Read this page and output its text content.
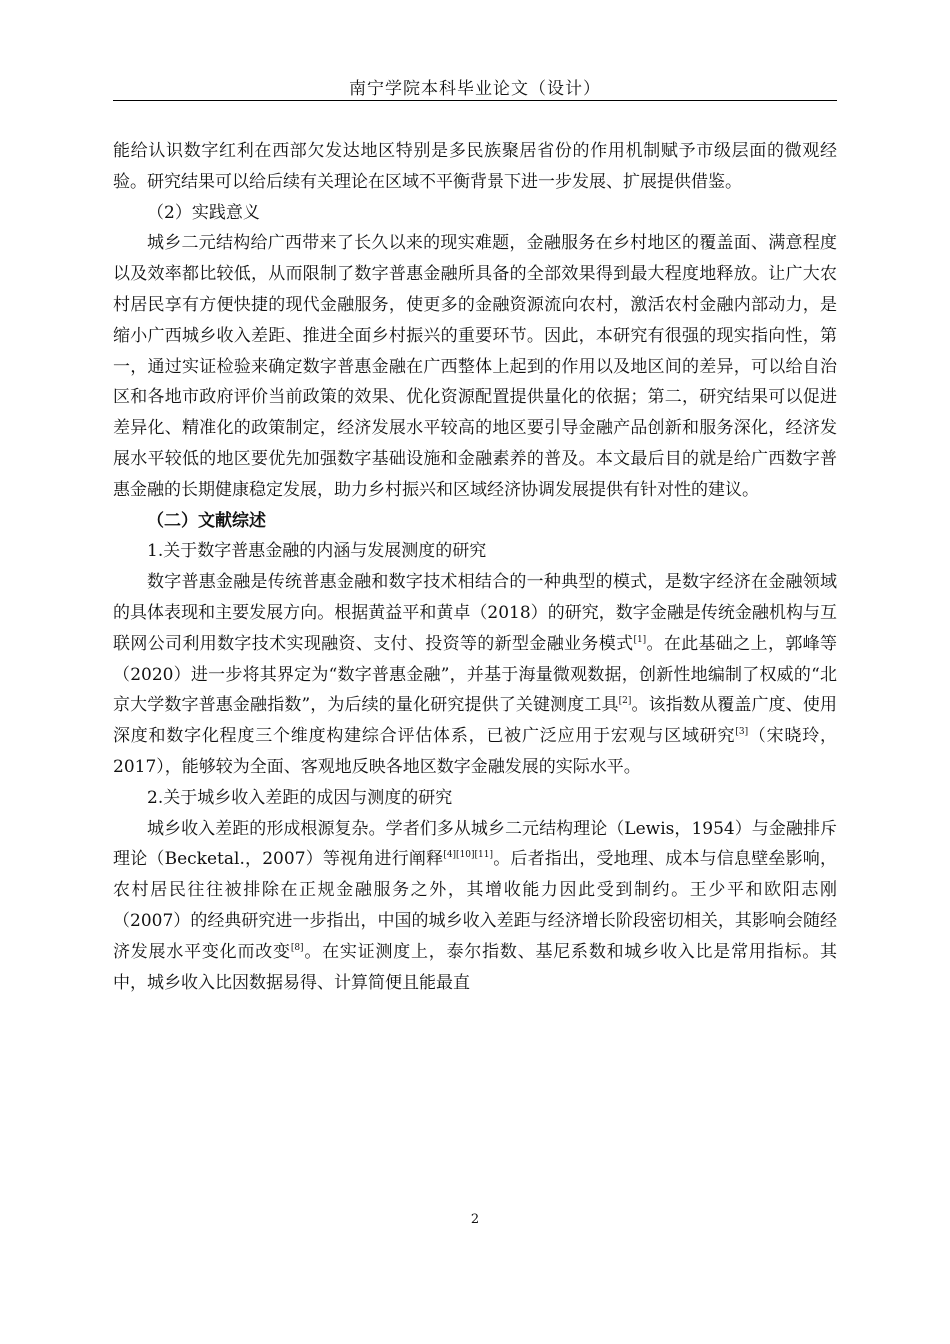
南宁学院本科毕业论文（设计）

能给认识数字红利在西部欠发达地区特别是多民族聚居省份的作用机制赋予市级层面的微观经验。研究结果可以给后续有关理论在区域不平衡背景下进一步发展、扩展提供借鉴。

（2）实践意义

城乡二元结构给广西带来了长久以来的现实难题，金融服务在乡村地区的覆盖面、满意程度以及效率都比较低，从而限制了数字普惠金融所具备的全部效果得到最大程度地释放。让广大农村居民享有方便快捷的现代金融服务，使更多的金融资源流向农村，激活农村金融内部动力，是缩小广西城乡收入差距、推进全面乡村振兴的重要环节。因此，本研究有很强的现实指向性，第一，通过实证检验来确定数字普惠金融在广西整体上起到的作用以及地区间的差异，可以给自治区和各地市政府评价当前政策的效果、优化资源配置提供量化的依据；第二，研究结果可以促进差异化、精准化的政策制定，经济发展水平较高的地区要引导金融产品创新和服务深化，经济发展水平较低的地区要优先加强数字基础设施和金融素养的普及。本文最后目的就是给广西数字普惠金融的长期健康稳定发展，助力乡村振兴和区域经济协调发展提供有针对性的建议。

（二）文献综述

1.关于数字普惠金融的内涵与发展测度的研究

数字普惠金融是传统普惠金融和数字技术相结合的一种典型的模式，是数字经济在金融领域的具体表现和主要发展方向。根据黄益平和黄卓（2018）的研究，数字金融是传统金融机构与互联网公司利用数字技术实现融资、支付、投资等的新型金融业务模式[1]。在此基础之上，郭峰等（2020）进一步将其界定为“数字普惠金融”，并基于海量微观数据，创新性地编制了权威的“北京大学数字普惠金融指数”，为后续的量化研究提供了关键测度工具[2]。该指数从覆盖广度、使用深度和数字化程度三个维度构建综合评估体系，已被广泛应用于宏观与区域研究[3]（宋晓玲，2017），能够较为全面、客观地反映各地区数字金融发展的实际水平。

2.关于城乡收入差距的成因与测度的研究

城乡收入差距的形成根源复杂。学者们多从城乡二元结构理论（Lewis，1954）与金融排斥理论（Becketal.，2007）等视角进行阐释[4][10][11]。后者指出，受地理、成本与信息壁垒影响，农村居民往往被排除在正规金融服务之外，其增收能力因此受到制约。王少平和欧阳志刚（2007）的经典研究进一步指出，中国的城乡收入差距与经济增长阶段密切相关，其影响会随经济发展水平变化而改变[8]。在实证测度上，泰尔指数、基尼系数和城乡收入比是常用指标。其中，城乡收入比因数据易得、计算简便且能最直

2
